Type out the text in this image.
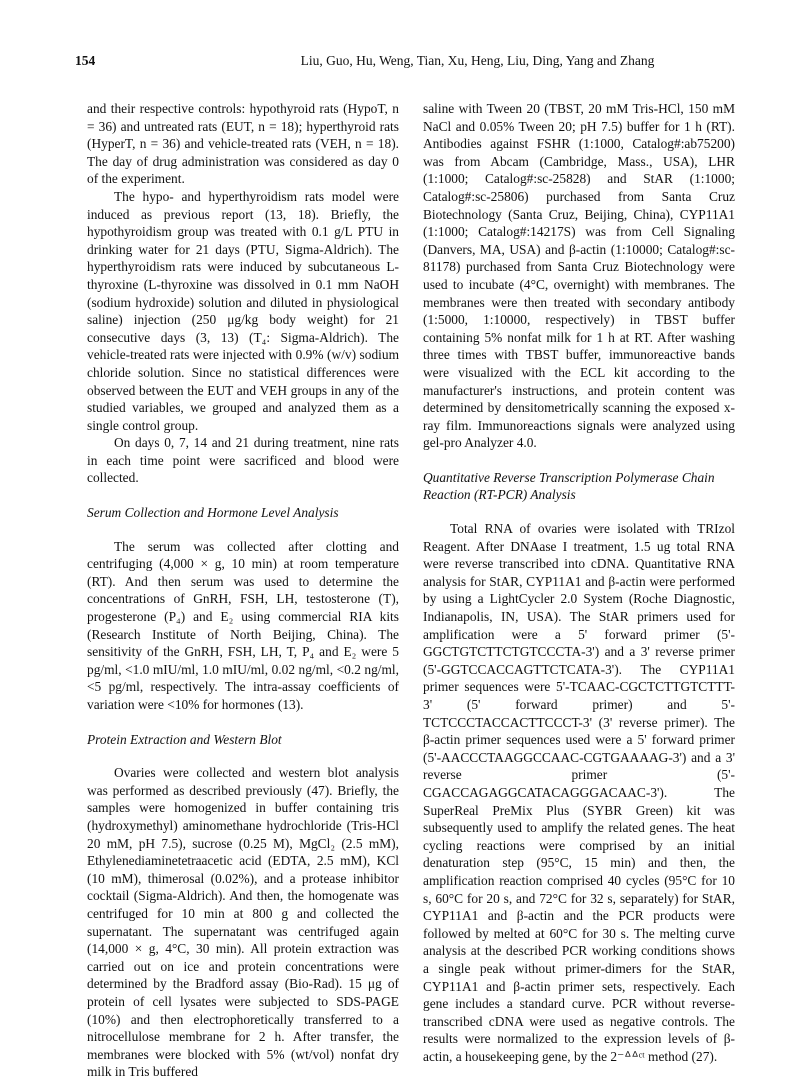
154	Liu, Guo, Hu, Weng, Tian, Xu, Heng, Liu, Ding, Yang and Zhang

and their respective controls: hypothyroid rats (HypoT, n = 36) and untreated rats (EUT, n = 18); hyperthyroid rats (HyperT, n = 36) and vehicle-treated rats (VEH, n = 18). The day of drug administration was considered as day 0 of the experiment.

The hypo- and hyperthyroidism rats model were induced as previous report (13, 18). Briefly, the hypothyroidism group was treated with 0.1 g/L PTU in drinking water for 21 days (PTU, Sigma-Aldrich). The hyperthyroidism rats were induced by subcutaneous L-thyroxine (L-thyroxine was dissolved in 0.1 mm NaOH (sodium hydroxide) solution and diluted in physiological saline) injection (250 μg/kg body weight) for 21 consecutive days (3, 13) (T₄: Sigma-Aldrich). The vehicle-treated rats were injected with 0.9% (w/v) sodium chloride solution. Since no statistical differences were observed between the EUT and VEH groups in any of the studied variables, we grouped and analyzed them as a single control group.

On days 0, 7, 14 and 21 during treatment, nine rats in each time point were sacrificed and blood were collected.

Serum Collection and Hormone Level Analysis

The serum was collected after clotting and centrifuging (4,000 × g, 10 min) at room temperature (RT). And then serum was used to determine the concentrations of GnRH, FSH, LH, testosterone (T), progesterone (P₄) and E₂ using commercial RIA kits (Research Institute of North Beijing, China). The sensitivity of the GnRH, FSH, LH, T, P₄ and E₂ were 5 pg/ml, <1.0 mIU/ml, 1.0 mIU/ml, 0.02 ng/ml, <0.2 ng/ml, <5 pg/ml, respectively. The intra-assay coefficients of variation were <10% for hormones (13).

Protein Extraction and Western Blot

Ovaries were collected and western blot analysis was performed as described previously (47). Briefly, the samples were homogenized in buffer containing tris (hydroxymethyl) aminomethane hydrochloride (Tris-HCl 20 mM, pH 7.5), sucrose (0.25 M), MgCl₂ (2.5 mM), Ethylenediaminetetraacetic acid (EDTA, 2.5 mM), KCl (10 mM), thimerosal (0.02%), and a protease inhibitor cocktail (Sigma-Aldrich). And then, the homogenate was centrifuged for 10 min at 800 g and collected the supernatant. The supernatant was centrifuged again (14,000 × g, 4°C, 30 min). All protein extraction was carried out on ice and protein concentrations were determined by the Bradford assay (Bio-Rad). 15 μg of protein of cell lysates were subjected to SDS-PAGE (10%) and then electrophoretically transferred to a nitrocellulose membrane for 2 h. After transfer, the membranes were blocked with 5% (wt/vol) nonfat dry milk in Tris buffered

saline with Tween 20 (TBST, 20 mM Tris-HCl, 150 mM NaCl and 0.05% Tween 20; pH 7.5) buffer for 1 h (RT). Antibodies against FSHR (1:1000, Catalog#:ab75200) was from Abcam (Cambridge, Mass., USA), LHR (1:1000; Catalog#:sc-25828) and StAR (1:1000; Catalog#:sc-25806) purchased from Santa Cruz Biotechnology (Santa Cruz, Beijing, China), CYP11A1 (1:1000; Catalog#:14217S) was from Cell Signaling (Danvers, MA, USA) and β-actin (1:10000; Catalog#:sc-81178) purchased from Santa Cruz Biotechnology were used to incubate (4°C, overnight) with membranes. The membranes were then treated with secondary antibody (1:5000, 1:10000, respectively) in TBST buffer containing 5% nonfat milk for 1 h at RT. After washing three times with TBST buffer, immunoreactive bands were visualized with the ECL kit according to the manufacturer's instructions, and protein content was determined by densitometrically scanning the exposed x-ray film. Immunoreactions signals were analyzed using gel-pro Analyzer 4.0.

Quantitative Reverse Transcription Polymerase Chain Reaction (RT-PCR) Analysis

Total RNA of ovaries were isolated with TRIzol Reagent. After DNAase I treatment, 1.5 ug total RNA were reverse transcribed into cDNA. Quantitative RNA analysis for StAR, CYP11A1 and β-actin were performed by using a LightCycler 2.0 System (Roche Diagnostic, Indianapolis, IN, USA). The StAR primers used for amplification were a 5' forward primer (5'-GGCTGTCTTCTGTCCCTA-3') and a 3' reverse primer (5'-GGTCCACCAGTTCTCATA-3'). The CYP11A1 primer sequences were 5'-TCAAC-CGCTCTTGTCTTT-3' (5' forward primer) and 5'-TCTCCCTACCACTTCCCT-3' (3' reverse primer). The β-actin primer sequences used were a 5' forward primer (5'-AACCCTAAGGCCAAC-CGTGAAAAG-3') and a 3' reverse primer (5'-CGACCAGAGGCATACAGGGACAAC-3'). The SuperReal PreMix Plus (SYBR Green) kit was subsequently used to amplify the related genes. The heat cycling reactions were comprised by an initial denaturation step (95°C, 15 min) and then, the amplification reaction comprised 40 cycles (95°C for 10 s, 60°C for 20 s, and 72°C for 32 s, separately) for StAR, CYP11A1 and β-actin and the PCR products were followed by melted at 60°C for 30 s. The melting curve analysis at the described PCR working conditions shows a single peak without primer-dimers for the StAR, CYP11A1 and β-actin primer sets, respectively. Each gene includes a standard curve. PCR without reverse-transcribed cDNA were used as negative controls. The results were normalized to the expression levels of β-actin, a housekeeping gene, by the 2⁻ᐞᐞᶜᵗ method (27).
